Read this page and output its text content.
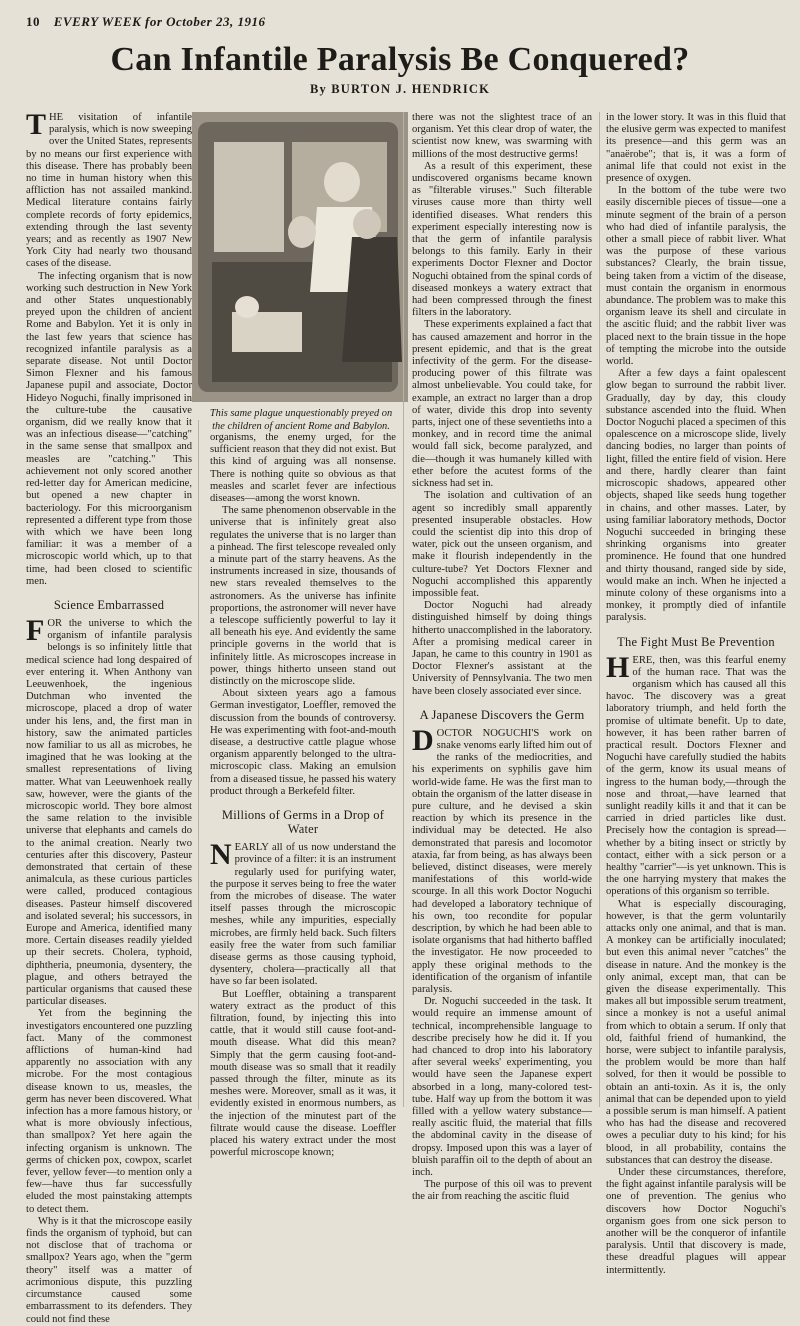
10 EVERY WEEK for October 23, 1916
Can Infantile Paralysis Be Conquered?
By BURTON J. HENDRICK
This same plague unquestionably preyed on
the children of ancient Rome and Babylon.

THE visitation of infantile paralysis, which is now sweeping over the United States, represents by no means our first experience with this disease. There has probably been no time in human history when this affliction has not assailed mankind. Medical literature contains fairly complete records of forty epidemics, extending through the last seventy years; and as recently as 1907 New York City had nearly two thousand cases of the disease.

The infecting organism that is now working such destruction in New York and other States unquestionably preyed upon the children of ancient Rome and Babylon. Yet it is only in the last few years that science has recognized infantile paralysis as a separate disease. Not until Doctor Simon Flexner and his famous Japanese pupil and associate, Doctor Hideyo Noguchi, finally imprisoned in the culture-tube the causative organism, did we really know that it was an infectious disease—"catching" in the same sense that smallpox and measles are "catching." This achievement not only scored another red-letter day for American medicine, but opened a new chapter in bacteriology. For this microorganism represented a different type from those with which we have been long familiar: it was a member of a microscopic world which, up to that time, had been closed to scientific men.

Science Embarrassed

FOR the universe to which the organism of infantile paralysis belongs is so infinitely little that medical science had long despaired of ever entering it. When Anthony van Leeuwenhoek, the ingenious Dutchman who invented the microscope, placed a drop of water under his lens, and, the first man in history, saw the animated particles now familiar to us all as microbes, he imagined that he was looking at the smallest representations of living matter. What van Leeuwenhoek really saw, however, were the giants of the microscopic world. They bore almost the same relation to the invisible universe that elephants and camels do to the animal creation. Nearly two centuries after this discovery, Pasteur demonstrated that certain of these animalcula, as these curious particles were called, produced contagious diseases. Pasteur himself discovered and isolated several; his successors, in Europe and America, identified many more. Certain diseases readily yielded up their secrets. Cholera, typhoid, diphtheria, pneumonia, dysentery, the plague, and others betrayed the particular organisms that caused these particular diseases.

Yet from the beginning the investigators encountered one puzzling fact. Many of the commonest afflictions of human-kind had apparently no association with any microbe. For the most contagious disease known to us, measles, the germ has never been discovered. What infection has a more famous history, or what is more obviously infectious, than smallpox? Yet here again the infecting organism is unknown. The germs of chicken pox, cowpox, scarlet fever, yellow fever—to mention only a few—have thus far successfully eluded the most painstaking attempts to detect them.

Why is it that the microscope easily finds the organism of typhoid, but can not disclose that of trachoma or smallpox? Years ago, when the "germ theory" itself was a matter of acrimonious dispute, this puzzling circumstance caused some embarrassment to its defenders. They could not find these

organisms, the enemy urged, for the sufficient reason that they did not exist. But this kind of arguing was all nonsense. There is nothing quite so obvious as that measles and scarlet fever are infectious diseases—among the worst known.

The same phenomenon observable in the universe that is infinitely great also regulates the universe that is no larger than a pinhead. The first telescope revealed only a minute part of the starry heavens. As the instruments increased in size, thousands of new stars revealed themselves to the astronomers. As the universe has infinite proportions, the astronomer will never have a telescope sufficiently powerful to lay it all beneath his eye. And evidently the same principle governs in the world that is infinitely little. As microscopes increase in power, things hitherto unseen stand out distinctly on the microscope slide.

About sixteen years ago a famous German investigator, Loeffler, removed the discussion from the bounds of controversy. He was experimenting with foot-and-mouth disease, a destructive cattle plague whose organism apparently belonged to the ultra-microscopic class. Making an emulsion from a diseased tissue, he passed his watery product through a Berkefeld filter.

Millions of Germs in a Drop of Water

NEARLY all of us now understand the province of a filter: it is an instrument regularly used for purifying water, the purpose it serves being to free the water from the microbes of disease. The water itself passes through the microscopic meshes, while any impurities, especially microbes, are firmly held back. Such filters easily free the water from such familiar disease germs as those causing typhoid, dysentery, cholera—practically all that have so far been isolated.

But Loeffler, obtaining a transparent watery extract as the product of this filtration, found, by injecting this into cattle, that it would still cause foot-and-mouth disease. What did this mean? Simply that the germ causing foot-and-mouth disease was so small that it readily passed through the filter, minute as its meshes were. Moreover, small as it was, it evidently existed in enormous numbers, as the injection of the minutest part of the filtrate would cause the disease. Loeffler placed his watery extract under the most powerful microscope known;

there was not the slightest trace of an organism. Yet this clear drop of water, the scientist now knew, was swarming with millions of the most destructive germs!

As a result of this experiment, these undiscovered organisms became known as "filterable viruses." Such filterable viruses cause more than thirty well identified diseases. What renders this experiment especially interesting now is that the germ of infantile paralysis belongs to this family. Early in their experiments Doctor Flexner and Doctor Noguchi obtained from the spinal cords of diseased monkeys a watery extract that had been compressed through the finest filters in the laboratory.

These experiments explained a fact that has caused amazement and horror in the present epidemic, and that is the great infectivity of the germ. For the disease-producing power of this filtrate was almost unbelievable. You could take, for example, an extract no larger than a drop of water, divide this drop into seventy parts, inject one of these seventieths into a monkey, and in record time the animal would fall sick, become paralyzed, and die—though it was humanely killed with ether before the acutest forms of the sickness had set in.

The isolation and cultivation of an agent so incredibly small apparently presented insuperable obstacles. How could the scientist dip into this drop of water, pick out the unseen organism, and make it flourish independently in the culture-tube? Yet Doctors Flexner and Noguchi accomplished this apparently impossible feat.

Doctor Noguchi had already distinguished himself by doing things hitherto unaccomplished in the laboratory. After a promising medical career in Japan, he came to this country in 1901 as Doctor Flexner's assistant at the University of Pennsylvania. The two men have been closely associated ever since.

A Japanese Discovers the Germ

DOCTOR NOGUCHI'S work on snake venoms early lifted him out of the ranks of the mediocrities, and his experiments on syphilis gave him world-wide fame. He was the first man to obtain the organism of the latter disease in pure culture, and he devised a skin reaction by which its presence in the individual may be detected. He also demonstrated that paresis and locomotor ataxia, far from being, as has always been believed, distinct diseases, were merely manifestations of this world-wide scourge. In all this work Doctor Noguchi had developed a laboratory technique of his own, too recondite for popular description, by which he had been able to isolate organisms that had hitherto baffled the investigator. He now proceeded to apply these original methods to the identification of the organism of infantile paralysis.

Dr. Noguchi succeeded in the task. It would require an immense amount of technical, incomprehensible language to describe precisely how he did it. If you had chanced to drop into his laboratory after several weeks' experimenting, you would have seen the Japanese expert absorbed in a long, many-colored test-tube. Half way up from the bottom it was filled with a yellow watery substance—really ascitic fluid, the material that fills the abdominal cavity in the disease of dropsy. Imposed upon this was a layer of bluish paraffin oil to the depth of about an inch.

The purpose of this oil was to prevent the air from reaching the ascitic fluid

in the lower story. It was in this fluid that the elusive germ was expected to manifest its presence—and this germ was an "anaërobe"; that is, it was a form of animal life that could not exist in the presence of oxygen.

In the bottom of the tube were two easily discernible pieces of tissue—one a minute segment of the brain of a person who had died of infantile paralysis, the other a small piece of rabbit liver. What was the purpose of these various substances? Clearly, the brain tissue, being taken from a victim of the disease, must contain the organism in enormous abundance. The problem was to make this organism leave its shell and circulate in the ascitic fluid; and the rabbit liver was placed next to the brain tissue in the hope of tempting the microbe into the outside world.

After a few days a faint opalescent glow began to surround the rabbit liver. Gradually, day by day, this cloudy substance ascended into the fluid. When Doctor Noguchi placed a specimen of this opalescence on a microscope slide, lively dancing bodies, no larger than points of light, filled the entire field of vision. Here and there, hardly clearer than faint microscopic shadows, appeared other objects, shaped like seeds hung together in chains, and other masses. Later, by using familiar laboratory methods, Doctor Noguchi succeeded in bringing these shrinking organisms into greater prominence. He found that one hundred and thirty thousand, ranged side by side, would make an inch. When he injected a minute colony of these organisms into a monkey, it promptly died of infantile paralysis.

The Fight Must Be Prevention

HERE, then, was this fearful enemy of the human race. That was the organism which has caused all this havoc. The discovery was a great laboratory triumph, and held forth the promise of ultimate benefit. Up to date, however, it has been rather barren of practical result. Doctors Flexner and Noguchi have carefully studied the habits of the germ, know its usual means of ingress to the human body,—through the nose and throat,—have learned that sunlight readily kills it and that it can be carried in dried particles like dust. Precisely how the contagion is spread—whether by a biting insect or strictly by contact, either with a sick person or a healthy "carrier"—is yet unknown. This is the one harrying mystery that makes the operations of this organism so terrible.

What is especially discouraging, however, is that the germ voluntarily attacks only one animal, and that is man. A monkey can be artificially inoculated; but even this animal never "catches" the disease in nature. And the monkey is the only animal, except man, that can be given the disease experimentally. This makes all but impossible serum treatment, since a monkey is not a useful animal from which to obtain a serum. If only that old, faithful friend of humankind, the horse, were subject to infantile paralysis, the problem would be more than half solved, for then it would be possible to obtain an anti-toxin. As it is, the only animal that can be depended upon to yield a possible serum is man himself. A patient who has had the disease and recovered owes a peculiar duty to his kind; for his blood, in all probability, contains the substances that can destroy the disease.

Under these circumstances, therefore, the fight against infantile paralysis will be one of prevention. The genius who discovers how Doctor Noguchi's organism goes from one sick person to another will be the conqueror of infantile paralysis. Until that discovery is made, these dreadful plagues will appear intermittently.
